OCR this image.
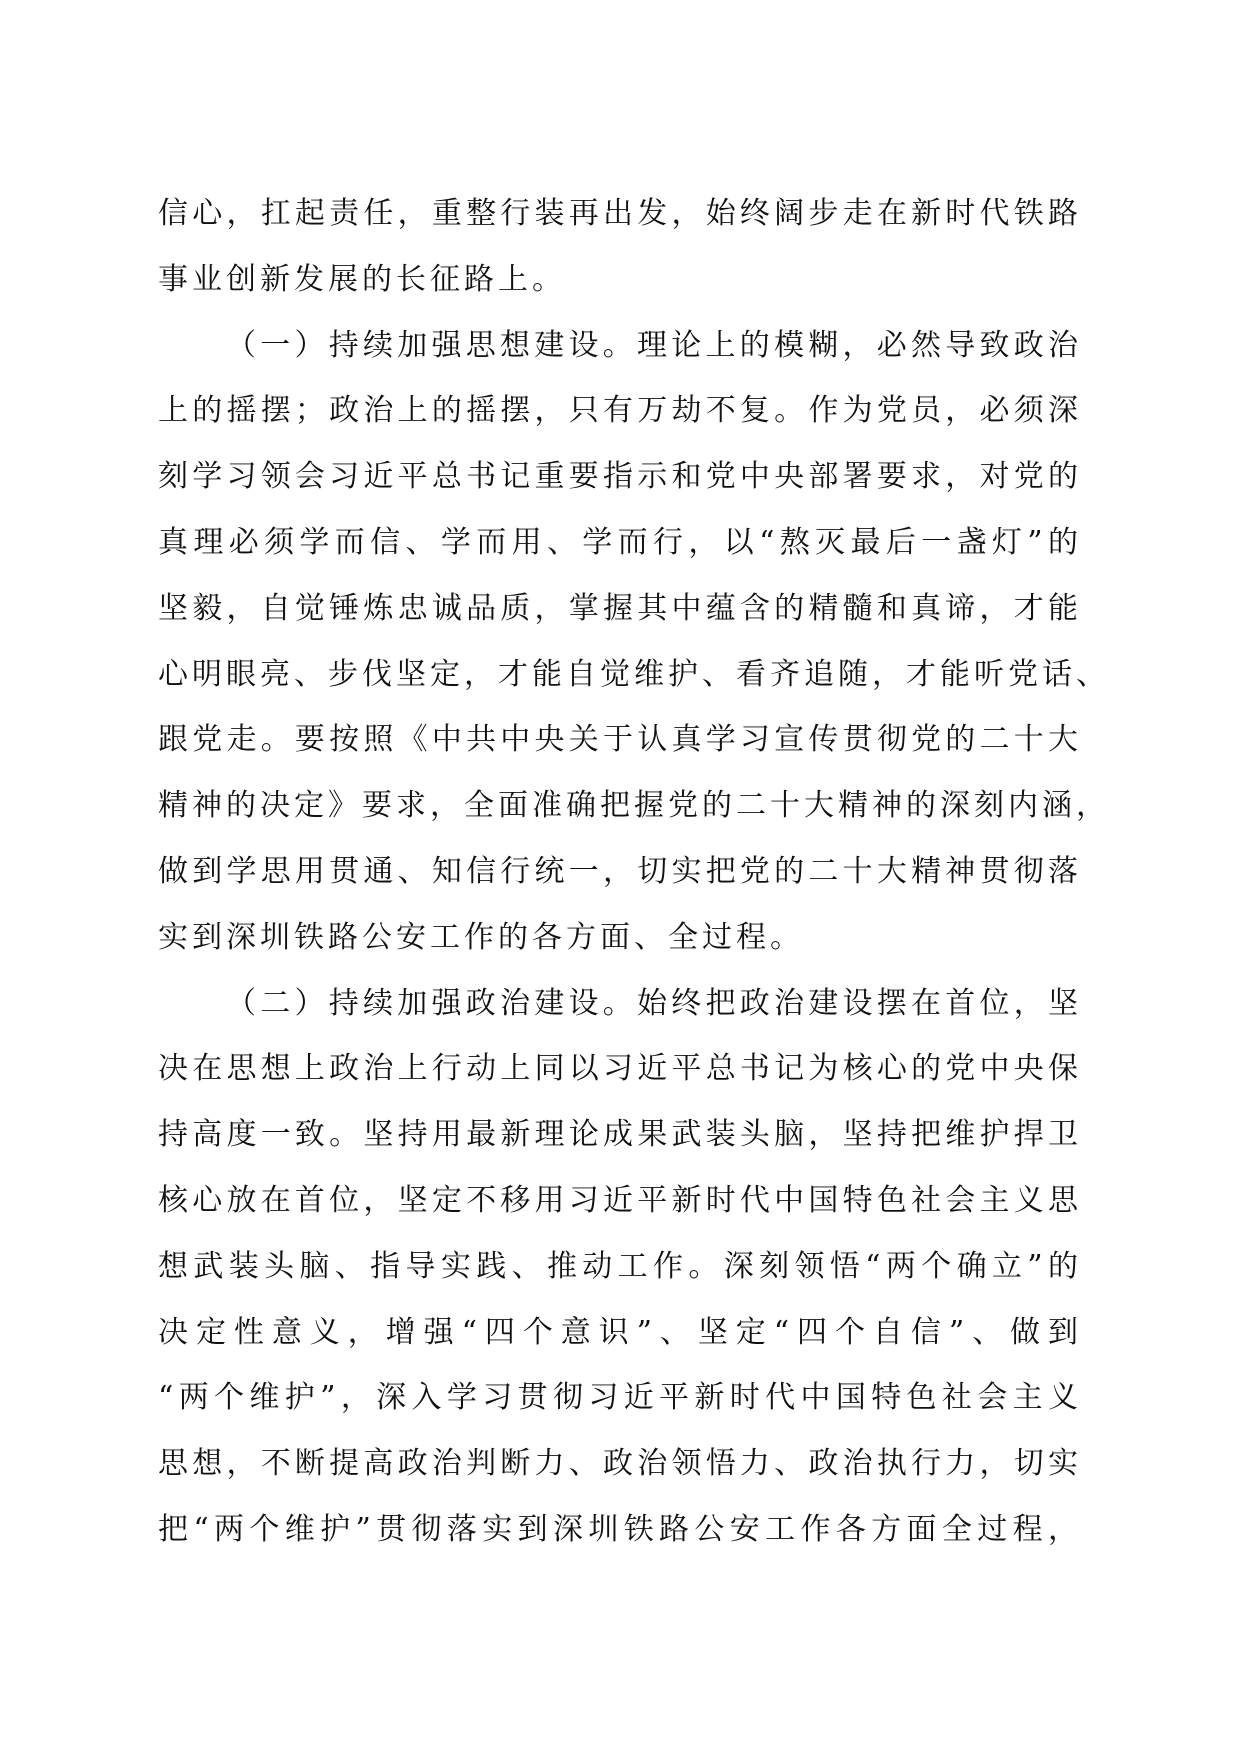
信心，扛起责任，重整行装再出发，始终阔步走在新时代铁路
事业创新发展的长征路上。
（一）持续加强思想建设。理论上的模糊，必然导致政治
上的摇摆；政治上的摇摆，只有万劫不复。作为党员，必须深
刻学习领会习近平总书记重要指示和党中央部署要求，对党的
真理必须学而信、学而用、学而行，以“熬灭最后一盏灯”的
坚毅，自觉锤炼忠诚品质，掌握其中蕴含的精髓和真谛，才能
心明眼亮、步伐坚定，才能自觉维护、看齐追随，才能听党话、
跟党走。要按照《中共中央关于认真学习宣传贯彻党的二十大
精神的决定》要求，全面准确把握党的二十大精神的深刻内涵，
做到学思用贯通、知信行统一，切实把党的二十大精神贯彻落
实到深圳铁路公安工作的各方面、全过程。
（二）持续加强政治建设。始终把政治建设摆在首位，坚
决在思想上政治上行动上同以习近平总书记为核心的党中央保
持高度一致。坚持用最新理论成果武装头脑，坚持把维护捍卫
核心放在首位，坚定不移用习近平新时代中国特色社会主义思
想武装头脑、指导实践、推动工作。深刻领悟“两个确立”的
决定性意义，增强“四个意识”、坚定“四个自信”、做到
“两个维护”，深入学习贯彻习近平新时代中国特色社会主义
思想，不断提高政治判断力、政治领悟力、政治执行力，切实
把“两个维护”贯彻落实到深圳铁路公安工作各方面全过程，
